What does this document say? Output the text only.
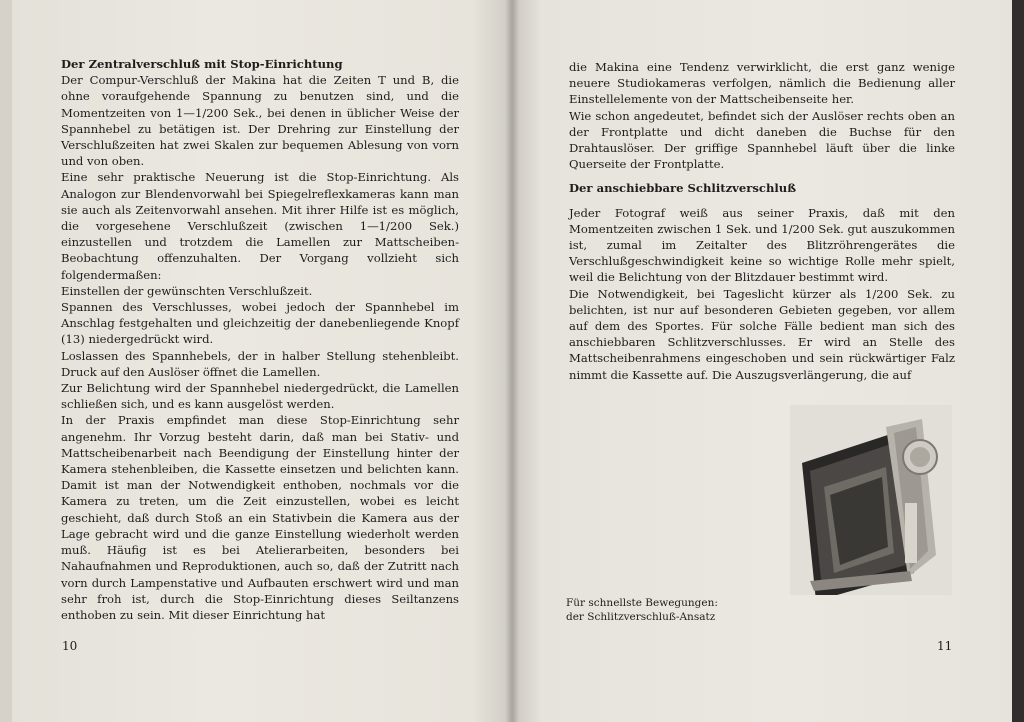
Der Zentralverschluß mit Stop-Einrichtung

Der Compur-Verschluß der Makina hat die Zeiten T und B, die ohne voraufgehende Spannung zu benutzen sind, und die Momentzeiten von 1—1/200 Sek., bei denen in üblicher Weise der Spannhebel zu betätigen ist. Der Drehring zur Einstellung der Verschlußzeiten hat zwei Skalen zur bequemen Ablesung von vorn und von oben.

Eine sehr praktische Neuerung ist die Stop-Einrichtung. Als Analogon zur Blendenvorwahl bei Spiegelreflexkameras kann man sie auch als Zeitenvorwahl ansehen. Mit ihrer Hilfe ist es möglich, die vorgesehene Verschlußzeit (zwischen 1—1/200 Sek.) einzustellen und trotzdem die Lamellen zur Mattscheiben-Beobachtung offenzuhalten. Der Vorgang vollzieht sich folgendermaßen:

Einstellen der gewünschten Verschlußzeit.

Spannen des Verschlusses, wobei jedoch der Spannhebel im Anschlag festgehalten und gleichzeitig der danebenliegende Knopf (13) niedergedrückt wird.

Loslassen des Spannhebels, der in halber Stellung stehenbleibt. Druck auf den Auslöser öffnet die Lamellen.

Zur Belichtung wird der Spannhebel niedergedrückt, die Lamellen schließen sich, und es kann ausgelöst werden.

In der Praxis empfindet man diese Stop-Einrichtung sehr angenehm. Ihr Vorzug besteht darin, daß man bei Stativ- und Mattscheibenarbeit nach Beendigung der Einstellung hinter der Kamera stehenbleiben, die Kassette einsetzen und belichten kann. Damit ist man der Notwendigkeit enthoben, nochmals vor die Kamera zu treten, um die Zeit einzustellen, wobei es leicht geschieht, daß durch Stoß an ein Stativbein die Kamera aus der Lage gebracht wird und die ganze Einstellung wiederholt werden muß. Häufig ist es bei Atelierarbeiten, besonders bei Nahaufnahmen und Reproduktionen, auch so, daß der Zutritt nach vorn durch Lampenstative und Aufbauten erschwert wird und man sehr froh ist, durch die Stop-Einrichtung dieses Seiltanzens enthoben zu sein. Mit dieser Einrichtung hat

10

die Makina eine Tendenz verwirklicht, die erst ganz wenige neuere Studiokameras verfolgen, nämlich die Bedienung aller Einstellelemente von der Mattscheibenseite her.

Wie schon angedeutet, befindet sich der Auslöser rechts oben an der Frontplatte und dicht daneben die Buchse für den Drahtauslöser. Der griffige Spannhebel läuft über die linke Querseite der Frontplatte.

Der anschiebbare Schlitzverschluß

Jeder Fotograf weiß aus seiner Praxis, daß mit den Momentzeiten zwischen 1 Sek. und 1/200 Sek. gut auszukommen ist, zumal im Zeitalter des Blitzröhrengerätes die Verschlußgeschwindigkeit keine so wichtige Rolle mehr spielt, weil die Belichtung von der Blitzdauer bestimmt wird.

Die Notwendigkeit, bei Tageslicht kürzer als 1/200 Sek. zu belichten, ist nur auf besonderen Gebieten gegeben, vor allem auf dem des Sportes. Für solche Fälle bedient man sich des anschiebbaren Schlitzverschlusses. Er wird an Stelle des Mattscheibenrahmens eingeschoben und sein rückwärtiger Falz nimmt die Kassette auf. Die Auszugsverlängerung, die auf

Für schnellste Bewegungen:
der Schlitzverschluß-Ansatz
11
